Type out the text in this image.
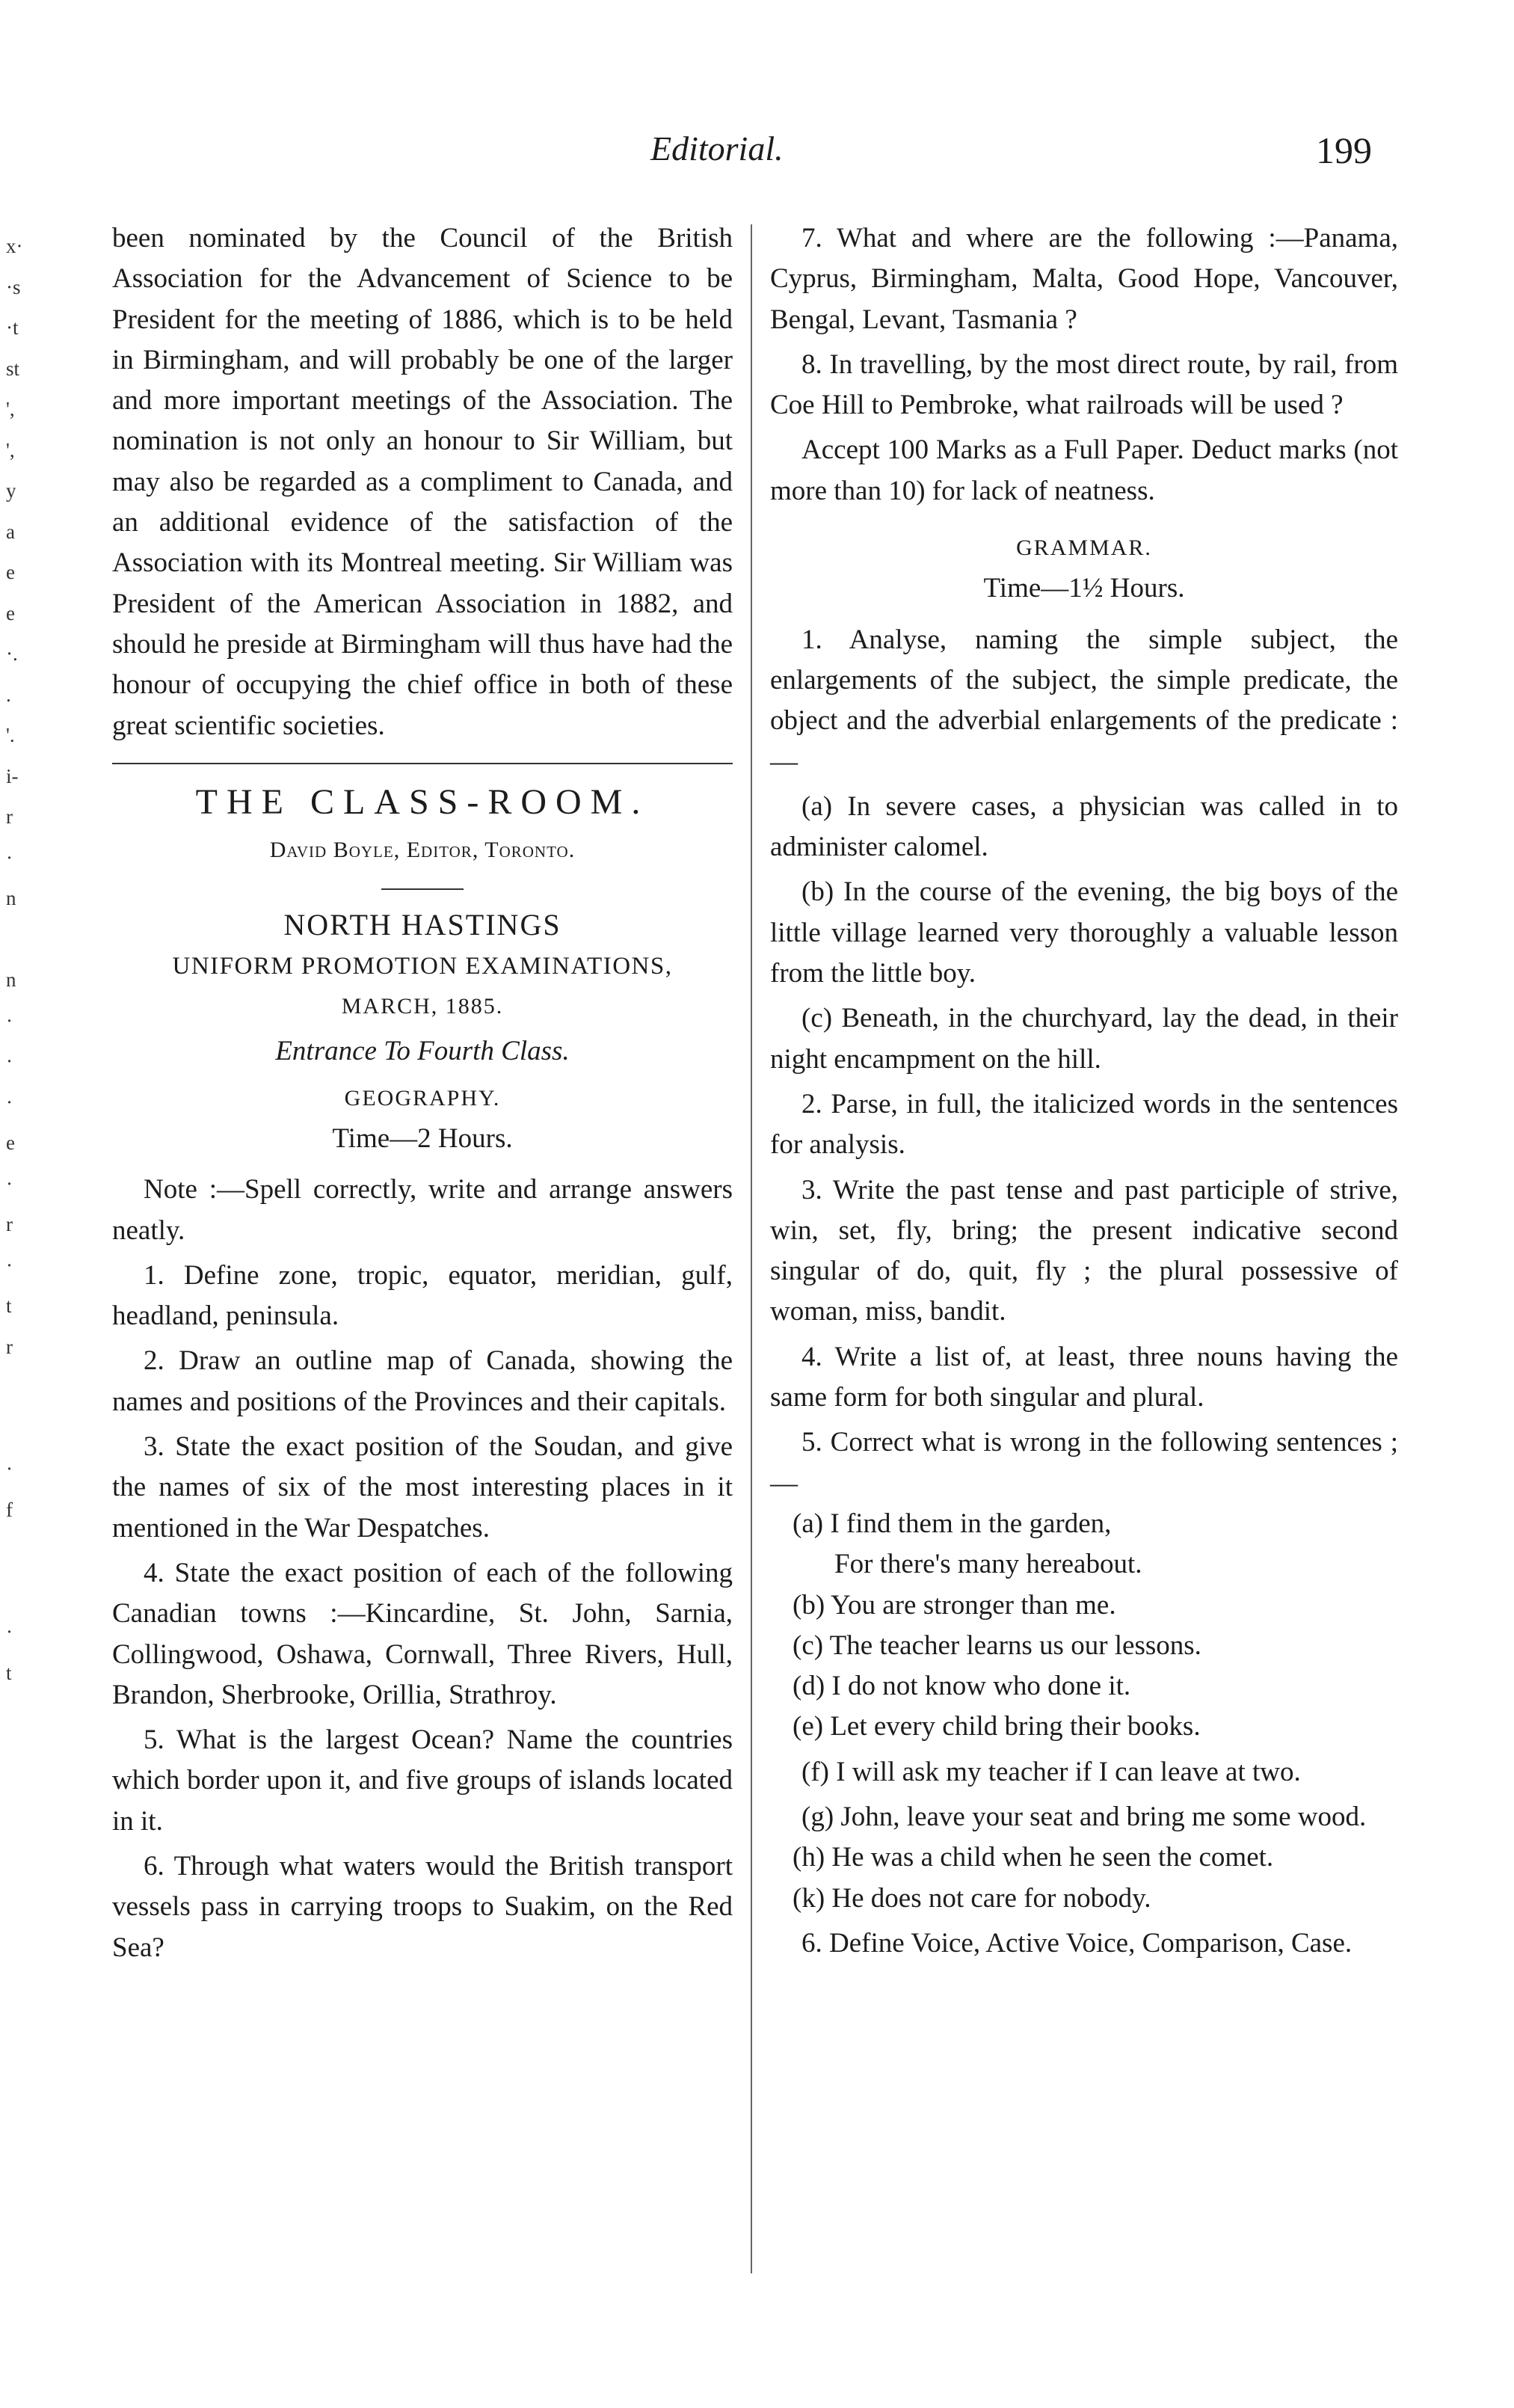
Editorial.	199
x·
·s
·t
st
',
',
y
a
e
e
·.
.
'.
i-
r
·
n
n
·
·
·
e
·
r
·
t
r
·
f
·
t

been nominated by the Council of the British Association for the Advancement of Science to be President for the meeting of 1886, which is to be held in Birmingham, and will probably be one of the larger and more important meetings of the Association. The nomination is not only an honour to Sir William, but may also be regarded as a compliment to Canada, and an additional evidence of the satisfaction of the Association with its Montreal meeting. Sir William was President of the American Association in 1882, and should he preside at Birmingham will thus have had the honour of occupying the chief office in both of these great scientific societies.

THE CLASS-ROOM.
David Boyle, Editor, Toronto.
NORTH HASTINGS
UNIFORM PROMOTION EXAMINATIONS,
MARCH, 1885.
Entrance To Fourth Class.
GEOGRAPHY.
Time—2 Hours.

Note :—Spell correctly, write and arrange answers neatly.

1. Define zone, tropic, equator, meridian, gulf, headland, peninsula.

2. Draw an outline map of Canada, showing the names and positions of the Provinces and their capitals.

3. State the exact position of the Soudan, and give the names of six of the most interesting places in it mentioned in the War Despatches.

4. State the exact position of each of the following Canadian towns :—Kincardine, St. John, Sarnia, Collingwood, Oshawa, Cornwall, Three Rivers, Hull, Brandon, Sherbrooke, Orillia, Strathroy.

5. What is the largest Ocean? Name the countries which border upon it, and five groups of islands located in it.

6. Through what waters would the British transport vessels pass in carrying troops to Suakim, on the Red Sea?

7. What and where are the following :—Panama, Cyprus, Birmingham, Malta, Good Hope, Vancouver, Bengal, Levant, Tasmania ?

8. In travelling, by the most direct route, by rail, from Coe Hill to Pembroke, what railroads will be used ?

Accept 100 Marks as a Full Paper. Deduct marks (not more than 10) for lack of neatness.

GRAMMAR.
Time—1½ Hours.

1. Analyse, naming the simple subject, the enlargements of the subject, the simple predicate, the object and the adverbial enlargements of the predicate :—

(a) In severe cases, a physician was called in to administer calomel.

(b) In the course of the evening, the big boys of the little village learned very thoroughly a valuable lesson from the little boy.

(c) Beneath, in the churchyard, lay the dead, in their night encampment on the hill.

2. Parse, in full, the italicized words in the sentences for analysis.

3. Write the past tense and past participle of strive, win, set, fly, bring; the present indicative second singular of do, quit, fly ; the plural possessive of woman, miss, bandit.

4. Write a list of, at least, three nouns having the same form for both singular and plural.

5. Correct what is wrong in the following sentences ;—

(a) I find them in the garden,
For there's many hereabout.
(b) You are stronger than me.
(c) The teacher learns us our lessons.
(d) I do not know who done it.
(e) Let every child bring their books.

(f) I will ask my teacher if I can leave at two.

(g) John, leave your seat and bring me some wood.

(h) He was a child when he seen the comet.
(k) He does not care for nobody.

6. Define Voice, Active Voice, Comparison, Case.
